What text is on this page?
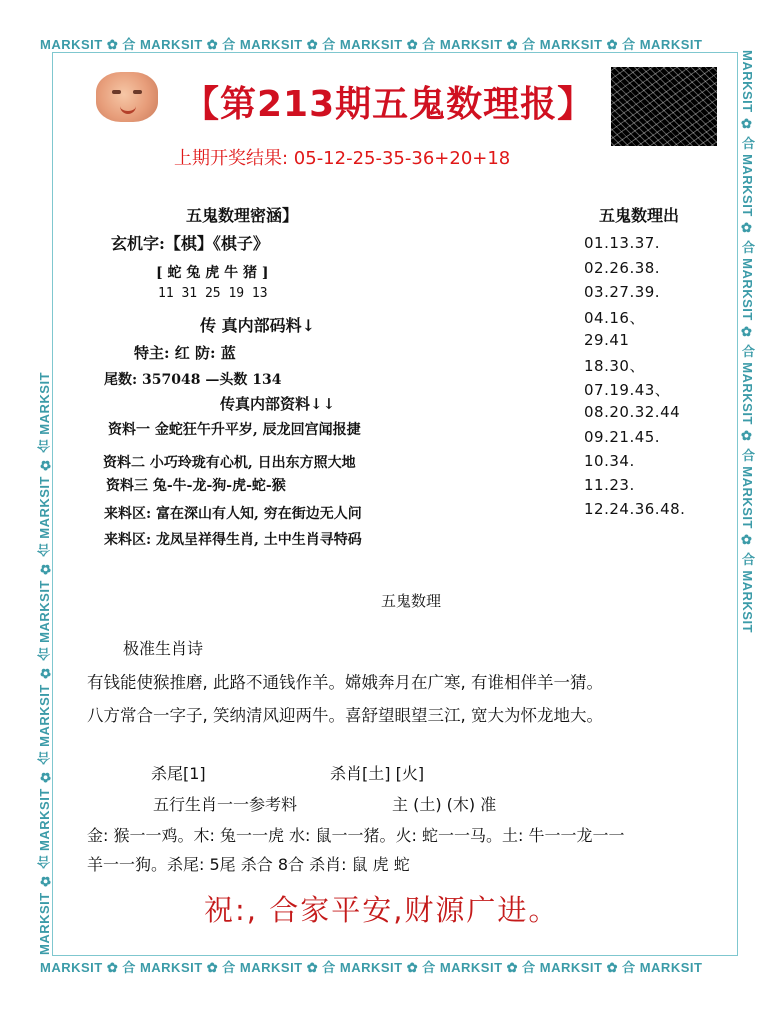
MARKSIT ✿ 合 MARKSIT ✿ 合 MARKSIT ✿ 合 MARKSIT ✿ 合 MARKSIT ✿ 合 MARKSIT ✿ 合 MARKSIT
MARKSIT ✿ 合 MARKSIT ✿ 合 MARKSIT ✿ 合 MARKSIT ✿ 合 MARKSIT ✿ 合 MARKSIT ✿ 合 MARKSIT
MARKSIT ✿ 合 MARKSIT ✿ 合 MARKSIT ✿ 合 MARKSIT ✿ 合 MARKSIT ✿ 合 MARKSIT
MARKSIT ✿ 合 MARKSIT ✿ 合 MARKSIT ✿ 合 MARKSIT ✿ 合 MARKSIT ✿ 合 MARKSIT
【第213期五鬼数理报】
上期开奖结果: 05-12-25-35-36+20+18
五鬼数理密涵】
玄机字:【棋】《棋子》
[ 蛇 兔 虎 牛 猪 ]
11 31 25 19 13
传 真内部码料↓
特主: 红 防: 蓝
尾数: 357048 —头数 134
传真内部资料↓↓
资料一 金蛇狂午升平岁, 辰龙回宫闻报捷
资料二 小巧玲珑有心机, 日出东方照大地
资料三 兔-牛-龙-狗-虎-蛇-猴
来料区: 富在深山有人知, 穷在街边无人问
来料区: 龙凤呈祥得生肖, 土中生肖寻特码
五鬼数理出
01.13.37.
02.26.38.
03.27.39.
04.16、
29.41
18.30、
07.19.43、
08.20.32.44
09.21.45.
10.34.
11.23.
12.24.36.48.
五鬼数理
极准生肖诗
有钱能使猴推磨, 此路不通钱作羊。嫦娥奔月在广寒, 有谁相伴羊一猜。
八方常合一字子, 笑纳清风迎两牛。喜舒望眼望三江, 宽大为怀龙地大。
杀尾[1]	杀肖[土] [火]
五行生肖一一参考料	主 (土) (木) 准
金: 猴一一鸡。木: 兔一一虎 水: 鼠一一猪。火: 蛇一一马。土: 牛一一龙一一
羊一一狗。杀尾: 5尾 杀合 8合 杀肖: 鼠 虎 蛇
祝:, 合家平安,财源广进。
